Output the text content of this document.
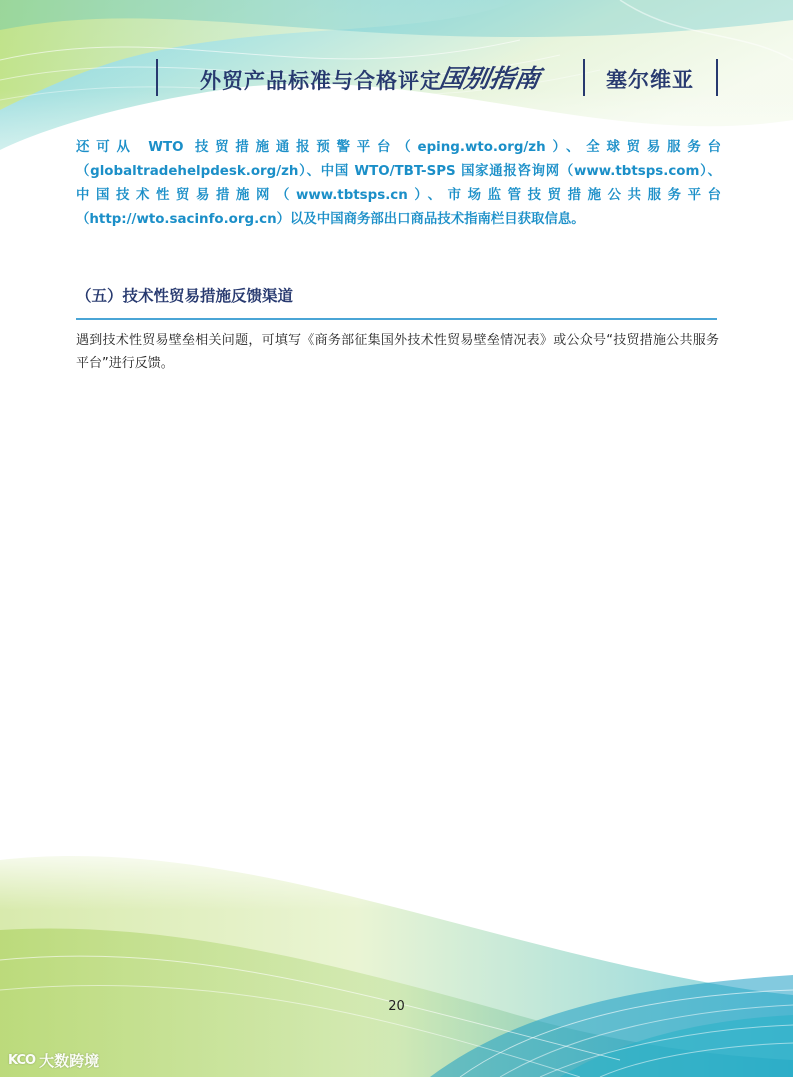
外贸产品标准与合格评定
国别指南	塞尔维亚

还可从 WTO 技贸措施通报预警平台（eping.wto.org/zh）、全球贸易服务台（globaltradehelpdesk.org/zh）、中国 WTO/TBT-SPS 国家通报咨询网（www.tbtsps.com）、中国技术性贸易措施网（www.tbtsps.cn）、市场监管技贸措施公共服务平台（http://wto.sacinfo.org.cn）以及中国商务部出口商品技术指南栏目获取信息。

（五）技术性贸易措施反馈渠道

遇到技术性贸易壁垒相关问题，可填写《商务部征集国外技术性贸易壁垒情况表》或公众号“技贸措施公共服务平台”进行反馈。

20
KCO 大数跨境
